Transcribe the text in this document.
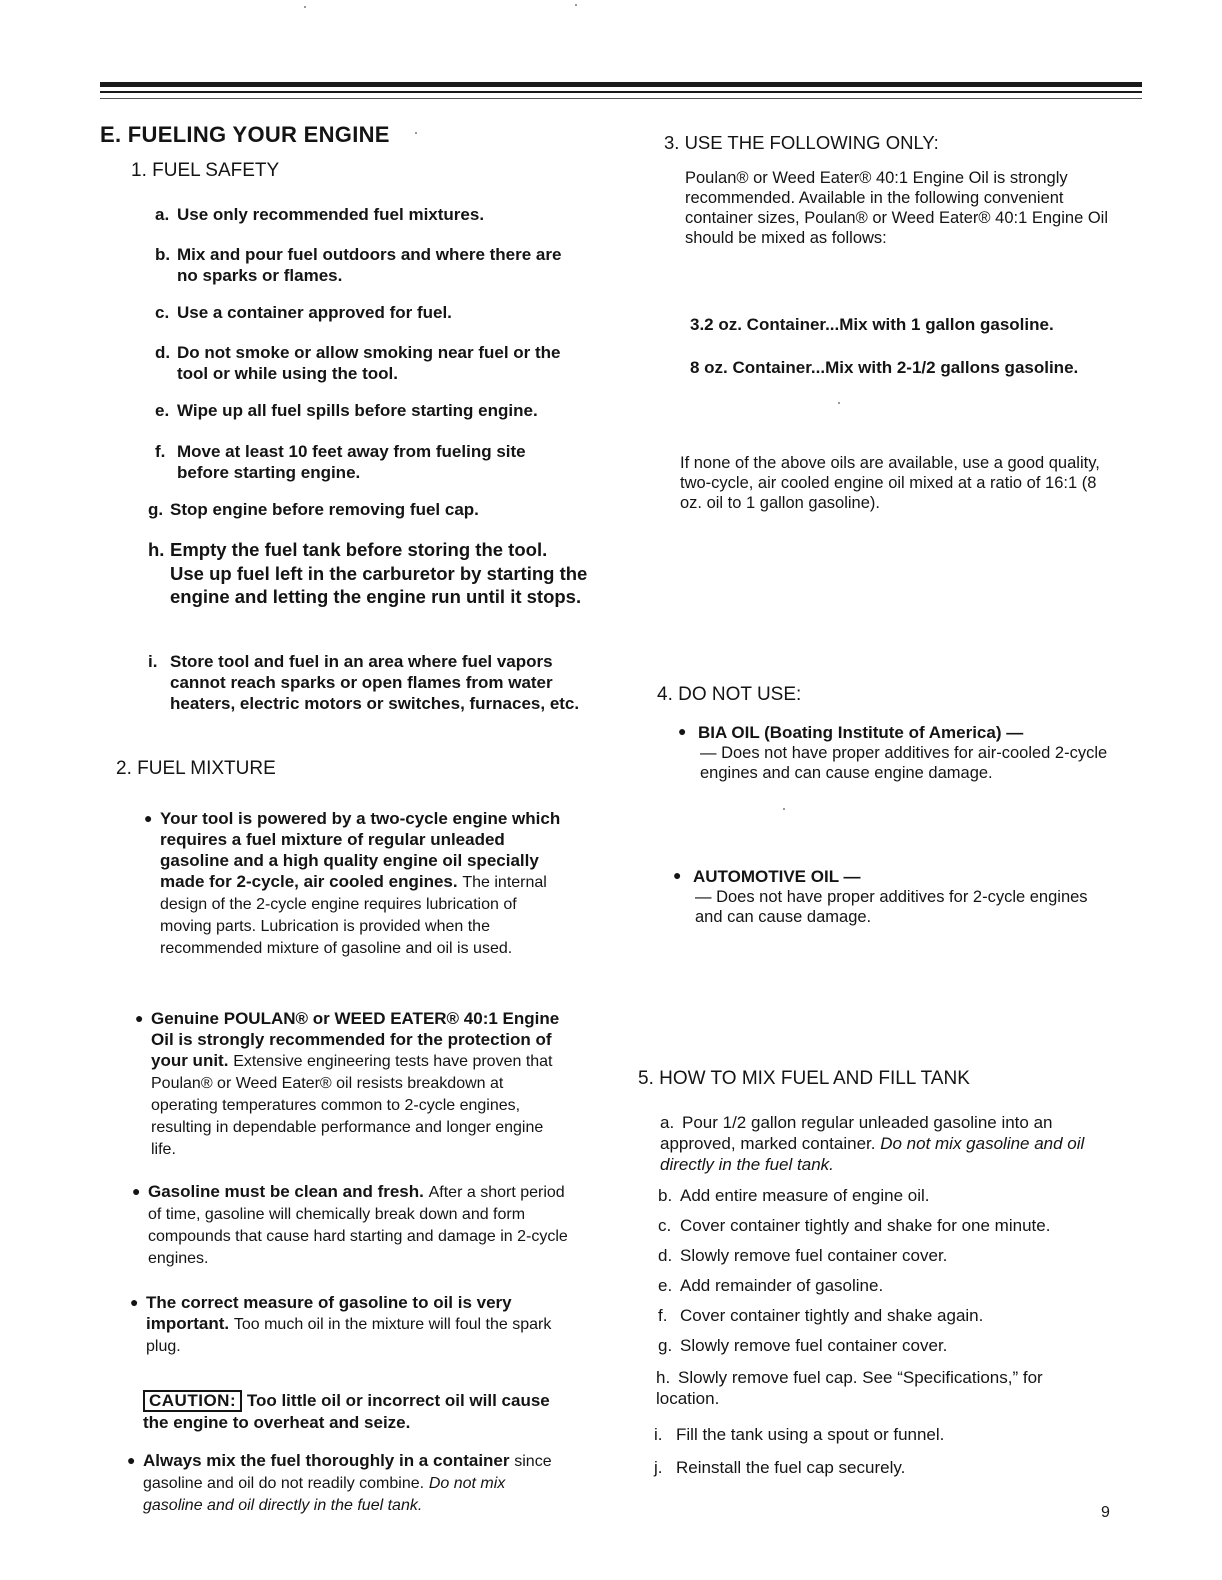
E. FUELING YOUR ENGINE
1. FUEL SAFETY
a. Use only recommended fuel mixtures.
b. Mix and pour fuel outdoors and where there are
no sparks or flames.
c. Use a container approved for fuel.
d. Do not smoke or allow smoking near fuel or the
tool or while using the tool.
e. Wipe up all fuel spills before starting engine.
f. Move at least 10 feet away from fueling site
before starting engine.
g. Stop engine before removing fuel cap.
h. Empty the fuel tank before storing the tool.
Use up fuel left in the carburetor by starting the engine and letting the engine run until it stops.
i. Store tool and fuel in an area where fuel vapors
cannot reach sparks or open flames from water heaters, electric motors or switches, furnaces, etc.
2. FUEL MIXTURE
● Your tool is powered by a two-cycle engine which requires a fuel mixture of regular unleaded gasoline and a high quality engine oil specially made for 2-cycle, air cooled engines. The internal design of the 2-cycle engine requires lubrication of moving parts. Lubrication is provided when the recommended mixture of gasoline and oil is used.
● Genuine POULAN® or WEED EATER® 40:1 Engine Oil is strongly recommended for the protection of your unit. Extensive engineering tests have proven that Poulan® or Weed Eater® oil resists breakdown at operating temperatures common to 2-cycle engines, resulting in dependable performance and longer engine life.
● Gasoline must be clean and fresh. After a short period of time, gasoline will chemically break down and form compounds that cause hard starting and damage in 2-cycle engines.
● The correct measure of gasoline to oil is very important. Too much oil in the mixture will foul the spark plug.
CAUTION: Too little oil or incorrect oil will cause the engine to overheat and seize.
● Always mix the fuel thoroughly in a container since gasoline and oil do not readily combine. Do not mix gasoline and oil directly in the fuel tank.
3. USE THE FOLLOWING ONLY:
Poulan® or Weed Eater® 40:1 Engine Oil is strongly recommended. Available in the following convenient container sizes, Poulan® or Weed Eater® 40:1 Engine Oil should be mixed as follows:
3.2 oz. Container...Mix with 1 gallon gasoline.
8 oz. Container...Mix with 2-1/2 gallons gasoline.
If none of the above oils are available, use a good quality, two-cycle, air cooled engine oil mixed at a ratio of 16:1 (8 oz. oil to 1 gallon gasoline).
4. DO NOT USE:
● BIA OIL (Boating Institute of America) —
— Does not have proper additives for air-cooled 2-cycle engines and can cause engine damage.
● AUTOMOTIVE OIL —
— Does not have proper additives for 2-cycle engines and can cause damage.
5. HOW TO MIX FUEL AND FILL TANK
a. Pour 1/2 gallon regular unleaded gasoline into an approved, marked container. Do not mix gasoline and oil directly in the fuel tank.
b. Add entire measure of engine oil.
c. Cover container tightly and shake for one minute.
d. Slowly remove fuel container cover.
e. Add remainder of gasoline.
f. Cover container tightly and shake again.
g. Slowly remove fuel container cover.
h. Slowly remove fuel cap. See “Specifications,” for location.
i. Fill the tank using a spout or funnel.
j. Reinstall the fuel cap securely.
9
